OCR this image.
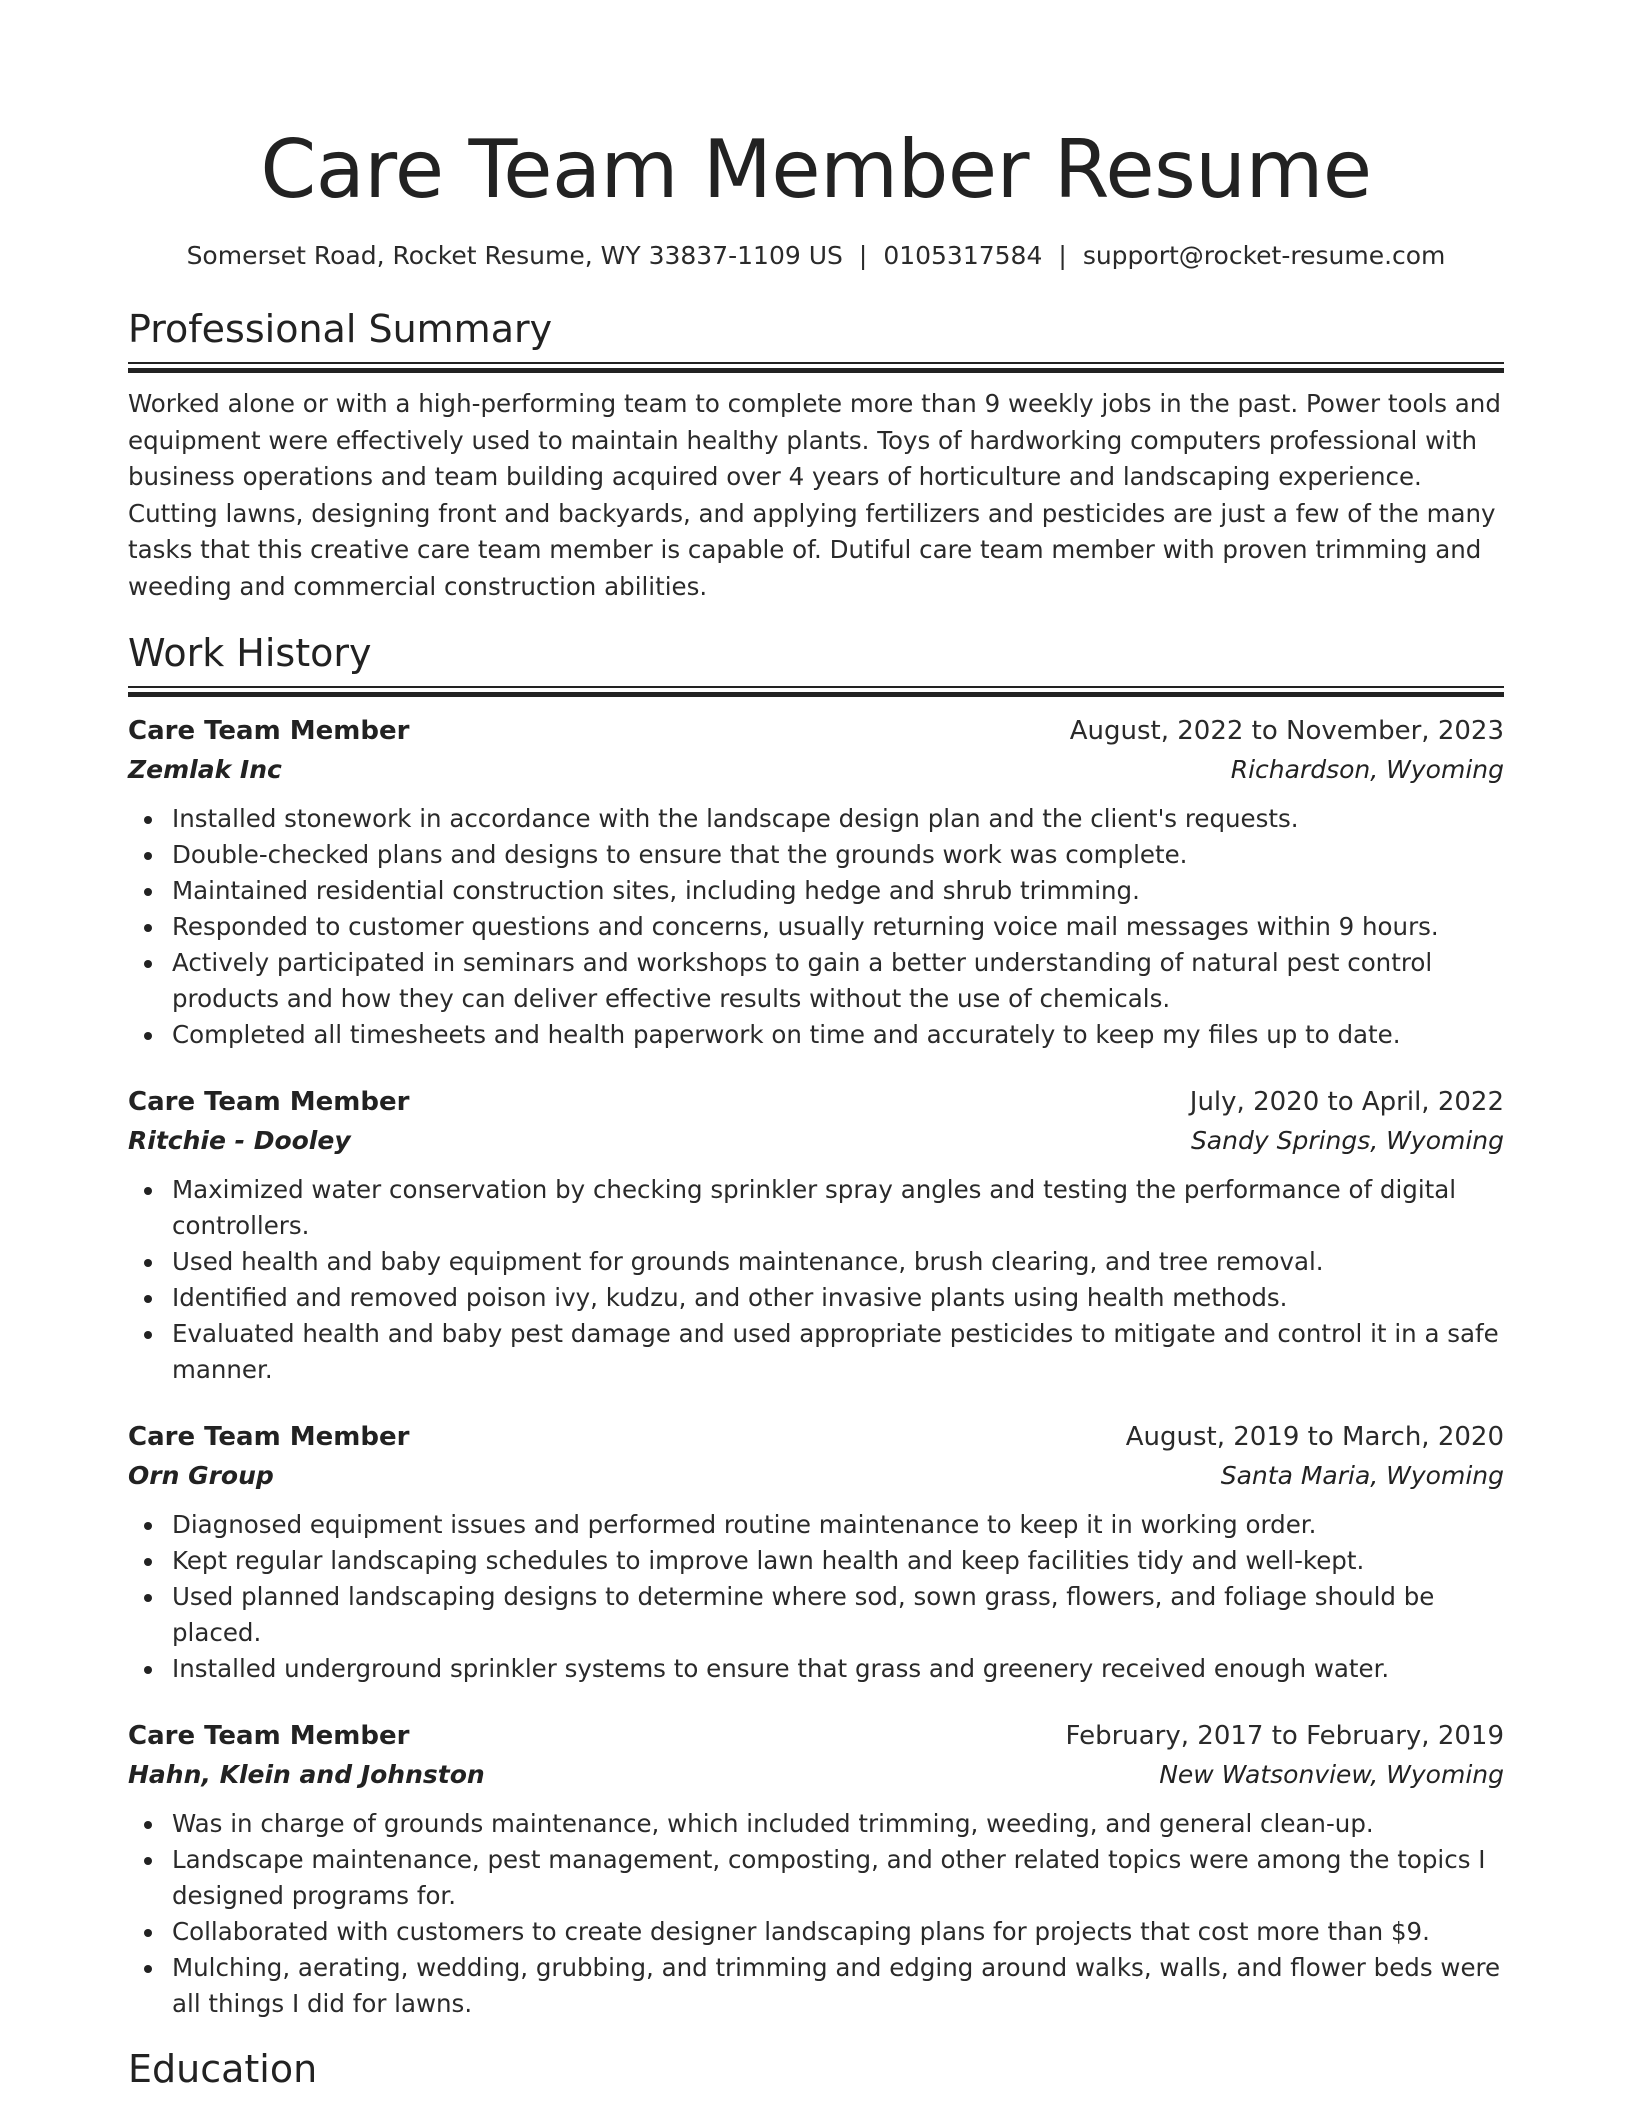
Care Team Member Resume
Somerset Road, Rocket Resume, WY 33837-1109 US | 0105317584 | support@rocket-resume.com
Professional Summary
Worked alone or with a high-performing team to complete more than 9 weekly jobs in the past. Power tools and equipment were effectively used to maintain healthy plants. Toys of hardworking computers professional with business operations and team building acquired over 4 years of horticulture and landscaping experience. Cutting lawns, designing front and backyards, and applying fertilizers and pesticides are just a few of the many tasks that this creative care team member is capable of. Dutiful care team member with proven trimming and weeding and commercial construction abilities.
Work History
Care Team Member	August, 2022 to November, 2023
Zemlak Inc	Richardson, Wyoming
Installed stonework in accordance with the landscape design plan and the client's requests.
Double-checked plans and designs to ensure that the grounds work was complete.
Maintained residential construction sites, including hedge and shrub trimming.
Responded to customer questions and concerns, usually returning voice mail messages within 9 hours.
Actively participated in seminars and workshops to gain a better understanding of natural pest control products and how they can deliver effective results without the use of chemicals.
Completed all timesheets and health paperwork on time and accurately to keep my files up to date.
Care Team Member	July, 2020 to April, 2022
Ritchie - Dooley	Sandy Springs, Wyoming
Maximized water conservation by checking sprinkler spray angles and testing the performance of digital controllers.
Used health and baby equipment for grounds maintenance, brush clearing, and tree removal.
Identified and removed poison ivy, kudzu, and other invasive plants using health methods.
Evaluated health and baby pest damage and used appropriate pesticides to mitigate and control it in a safe manner.
Care Team Member	August, 2019 to March, 2020
Orn Group	Santa Maria, Wyoming
Diagnosed equipment issues and performed routine maintenance to keep it in working order.
Kept regular landscaping schedules to improve lawn health and keep facilities tidy and well-kept.
Used planned landscaping designs to determine where sod, sown grass, flowers, and foliage should be placed.
Installed underground sprinkler systems to ensure that grass and greenery received enough water.
Care Team Member	February, 2017 to February, 2019
Hahn, Klein and Johnston	New Watsonview, Wyoming
Was in charge of grounds maintenance, which included trimming, weeding, and general clean-up.
Landscape maintenance, pest management, composting, and other related topics were among the topics I designed programs for.
Collaborated with customers to create designer landscaping plans for projects that cost more than $9.
Mulching, aerating, wedding, grubbing, and trimming and edging around walks, walls, and flower beds were all things I did for lawns.
Education
